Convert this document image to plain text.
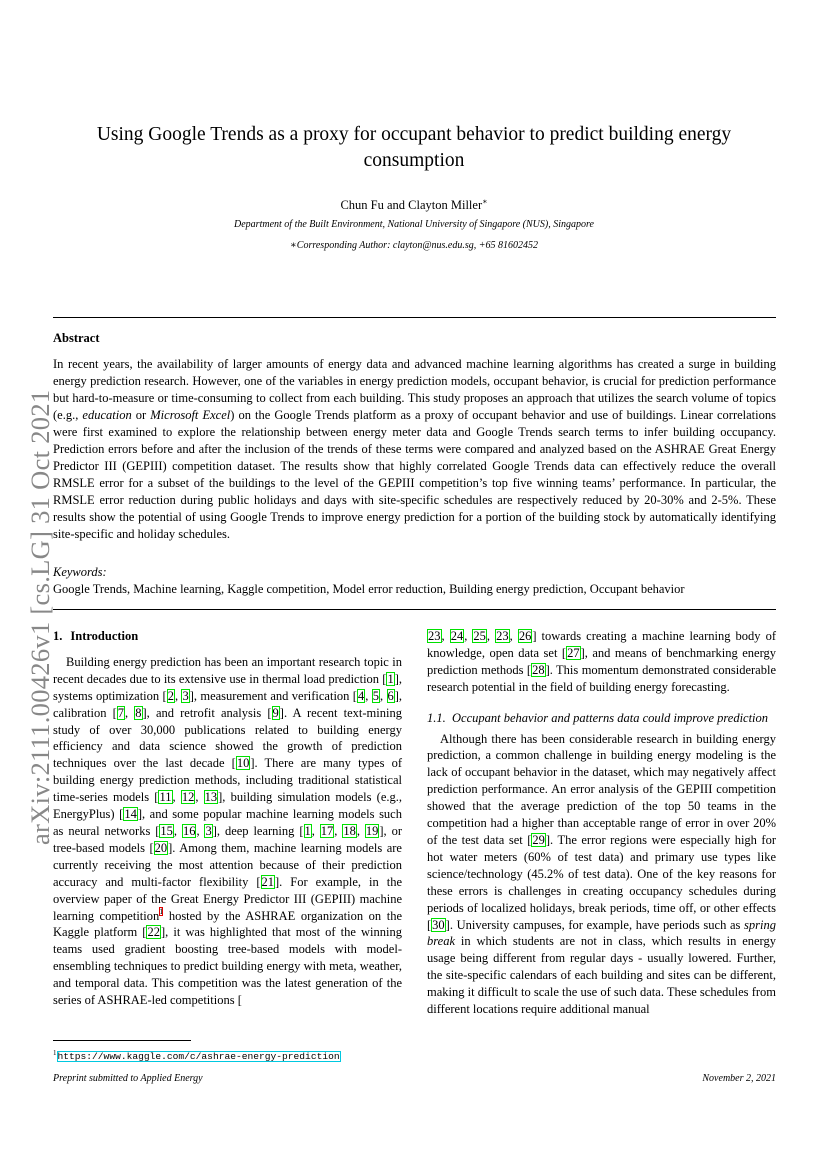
arXiv:2111.00426v1 [cs.LG] 31 Oct 2021
Using Google Trends as a proxy for occupant behavior to predict building energy consumption
Chun Fu and Clayton Miller∗
Department of the Built Environment, National University of Singapore (NUS), Singapore
∗Corresponding Author: clayton@nus.edu.sg, +65 81602452
Abstract
In recent years, the availability of larger amounts of energy data and advanced machine learning algorithms has created a surge in building energy prediction research. However, one of the variables in energy prediction models, occupant behavior, is crucial for prediction performance but hard-to-measure or time-consuming to collect from each building. This study proposes an approach that utilizes the search volume of topics (e.g., education or Microsoft Excel) on the Google Trends platform as a proxy of occupant behavior and use of buildings. Linear correlations were first examined to explore the relationship between energy meter data and Google Trends search terms to infer building occupancy. Prediction errors before and after the inclusion of the trends of these terms were compared and analyzed based on the ASHRAE Great Energy Predictor III (GEPIII) competition dataset. The results show that highly correlated Google Trends data can effectively reduce the overall RMSLE error for a subset of the buildings to the level of the GEPIII competition’s top five winning teams’ performance. In particular, the RMSLE error reduction during public holidays and days with site-specific schedules are respectively reduced by 20-30% and 2-5%. These results show the potential of using Google Trends to improve energy prediction for a portion of the building stock by automatically identifying site-specific and holiday schedules.
Keywords:
Google Trends, Machine learning, Kaggle competition, Model error reduction, Building energy prediction, Occupant behavior
1. Introduction

Building energy prediction has been an important research topic in recent decades due to its extensive use in thermal load prediction [1], systems optimization [2, 3], measurement and verification [4, 5, 6], calibration [7, 8], and retrofit analysis [9]. A recent text-mining study of over 30,000 publications related to building energy efficiency and data science showed the growth of prediction techniques over the last decade [10]. There are many types of building energy prediction methods, including traditional statistical time-series models [11, 12, 13], building simulation models (e.g., EnergyPlus) [14], and some popular machine learning models such as neural networks [15, 16, 3], deep learning [1, 17, 18, 19], or tree-based models [20]. Among them, machine learning models are currently receiving the most attention because of their prediction accuracy and multi-factor flexibility [21]. For example, in the overview paper of the Great Energy Predictor III (GEPIII) machine learning competition$^1$ hosted by the ASHRAE organization on the Kaggle platform [22], it was highlighted that most of the winning teams used gradient boosting tree-based models with model-ensembling techniques to predict building energy with meta, weather, and temporal data. This competition was the latest generation of the series of ASHRAE-led competitions [

23, 24, 25, 23, 26] towards creating a machine learning body of knowledge, open data set [27], and means of benchmarking energy prediction methods [28]. This momentum demonstrated considerable research potential in the field of building energy forecasting.

1.1. Occupant behavior and patterns data could improve prediction

Although there has been considerable research in building energy prediction, a common challenge in building energy modeling is the lack of occupant behavior in the dataset, which may negatively affect prediction performance. An error analysis of the GEPIII competition showed that the average prediction of the top 50 teams in the competition had a higher than acceptable range of error in over 20% of the test data set [29]. The error regions were especially high for hot water meters (60% of test data) and primary use types like science/technology (45.2% of test data). One of the key reasons for these errors is challenges in creating occupancy schedules during periods of localized holidays, break periods, time off, or other effects [30]. University campuses, for example, have periods such as spring break in which students are not in class, which results in energy usage being different from regular days - usually lowered. Further, the site-specific calendars of each building and sites can be different, making it difficult to scale the use of such data. These schedules from different locations require additional manual

$^1$https://www.kaggle.com/c/ashrae-energy-prediction
Preprint submitted to Applied Energy	November 2, 2021
